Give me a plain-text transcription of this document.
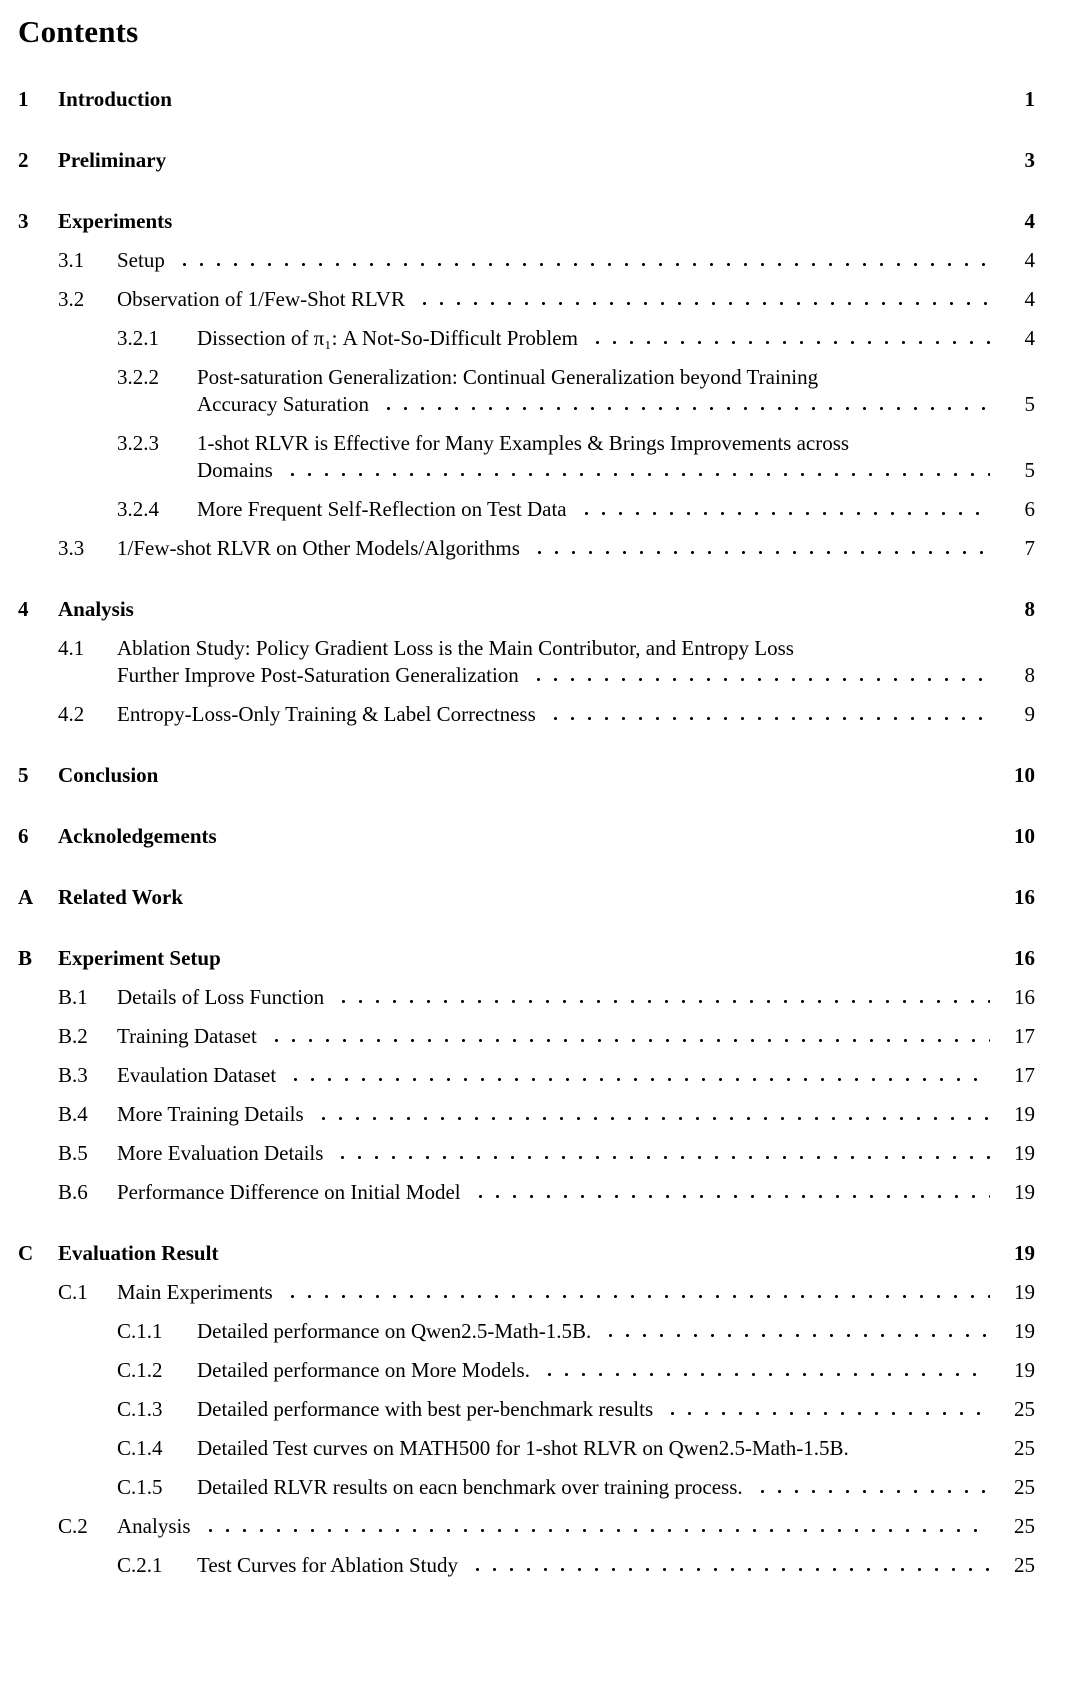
Contents
1	Introduction	1
2	Preliminary	3
3	Experiments	4
3.1	Setup	4
3.2	Observation of 1/Few-Shot RLVR	4
3.2.1	Dissection of π₁: A Not-So-Difficult Problem	4
3.2.2	Post-saturation Generalization: Continual Generalization beyond Training
Accuracy Saturation	5
3.2.3	1-shot RLVR is Effective for Many Examples & Brings Improvements across
Domains	5
3.2.4	More Frequent Self-Reflection on Test Data	6
3.3	1/Few-shot RLVR on Other Models/Algorithms	7
4	Analysis	8
4.1	Ablation Study: Policy Gradient Loss is the Main Contributor, and Entropy Loss
Further Improve Post-Saturation Generalization	8
4.2	Entropy-Loss-Only Training & Label Correctness	9
5	Conclusion	10
6	Acknoledgements	10
A	Related Work	16
B	Experiment Setup	16
B.1	Details of Loss Function	16
B.2	Training Dataset	17
B.3	Evaulation Dataset	17
B.4	More Training Details	19
B.5	More Evaluation Details	19
B.6	Performance Difference on Initial Model	19
C	Evaluation Result	19
C.1	Main Experiments	19
C.1.1	Detailed performance on Qwen2.5-Math-1.5B.	19
C.1.2	Detailed performance on More Models.	19
C.1.3	Detailed performance with best per-benchmark results	25
C.1.4	Detailed Test curves on MATH500 for 1-shot RLVR on Qwen2.5-Math-1.5B.	25
C.1.5	Detailed RLVR results on eacn benchmark over training process.	25
C.2	Analysis	25
C.2.1	Test Curves for Ablation Study	25
